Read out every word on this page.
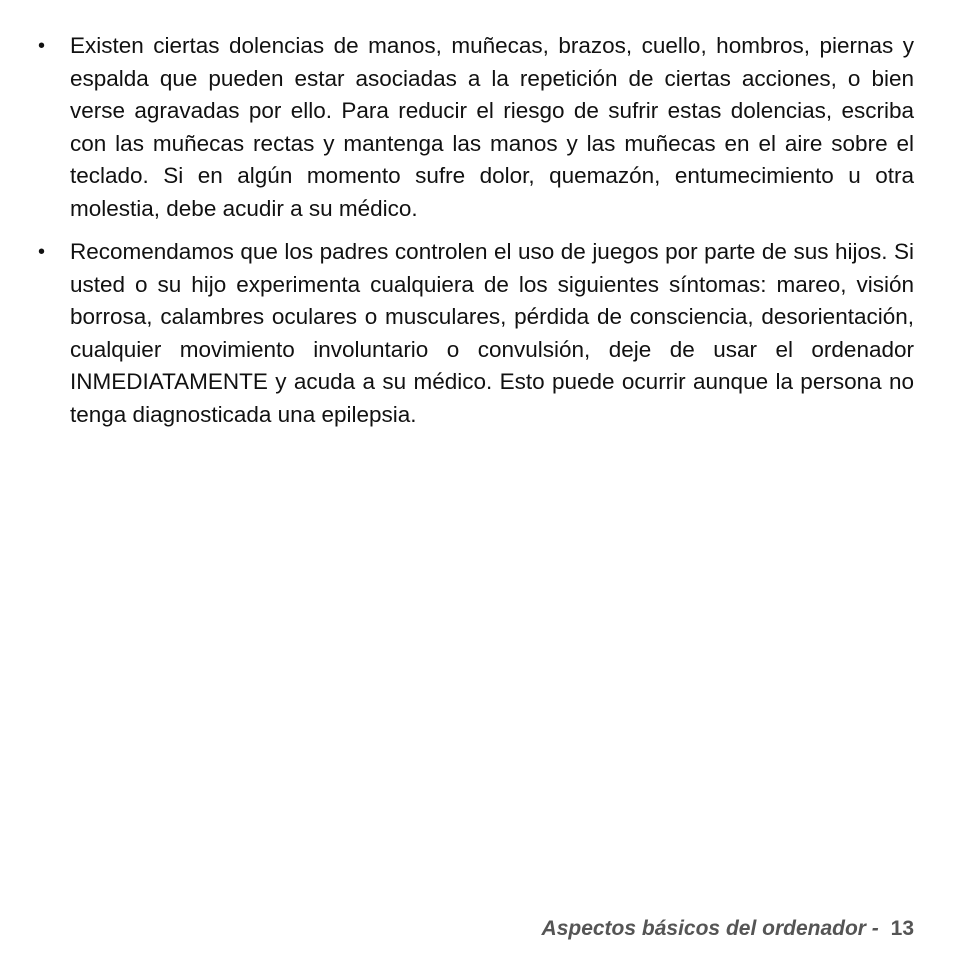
• Existen ciertas dolencias de manos, muñecas, brazos, cuello, hombros, piernas y espalda que pueden estar asociadas a la repetición de ciertas acciones, o bien verse agravadas por ello. Para reducir el riesgo de sufrir estas dolencias, escriba con las muñecas rectas y mantenga las manos y las muñecas en el aire sobre el teclado. Si en algún momento sufre dolor, quemazón, entumecimiento u otra molestia, debe acudir a su médico.
• Recomendamos que los padres controlen el uso de juegos por parte de sus hijos. Si usted o su hijo experimenta cualquiera de los siguientes síntomas: mareo, visión borrosa, calambres oculares o musculares, pérdida de consciencia, desorientación, cualquier movimiento involuntario o convulsión, deje de usar el ordenador INMEDIATAMENTE y acuda a su médico. Esto puede ocurrir aunque la persona no tenga diagnosticada una epilepsia.
Aspectos básicos del ordenador - 13
